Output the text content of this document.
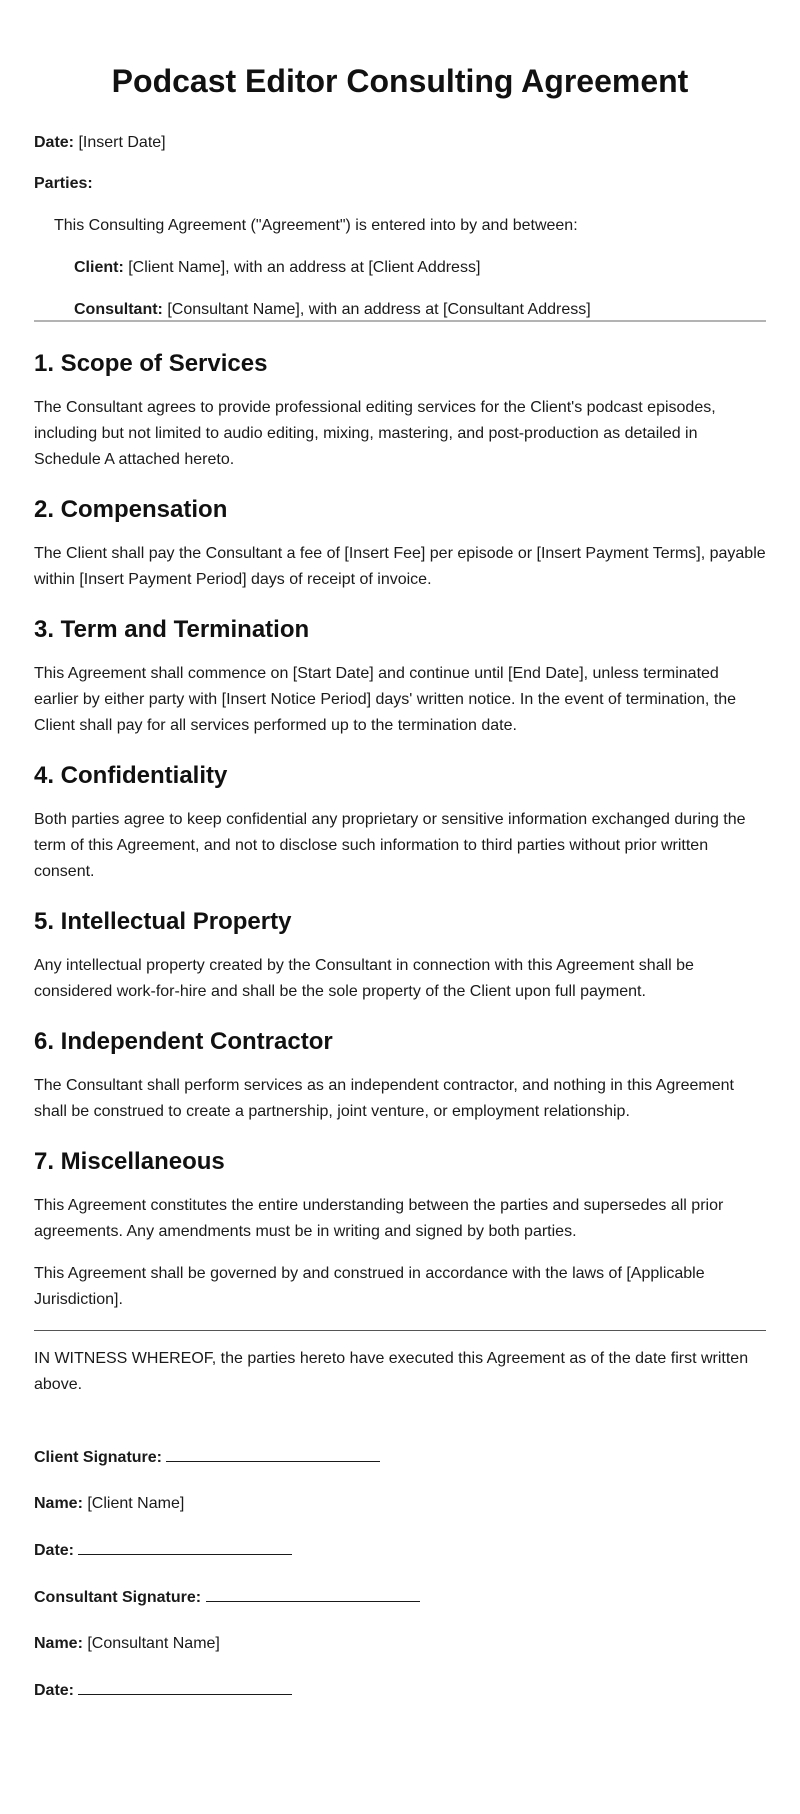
Podcast Editor Consulting Agreement
Date: [Insert Date]
Parties:
This Consulting Agreement ("Agreement") is entered into by and between:
Client: [Client Name], with an address at [Client Address]
Consultant: [Consultant Name], with an address at [Consultant Address]
1. Scope of Services

The Consultant agrees to provide professional editing services for the Client's podcast episodes, including but not limited to audio editing, mixing, mastering, and post-production as detailed in Schedule A attached hereto.

2. Compensation

The Client shall pay the Consultant a fee of [Insert Fee] per episode or [Insert Payment Terms], payable within [Insert Payment Period] days of receipt of invoice.

3. Term and Termination

This Agreement shall commence on [Start Date] and continue until [End Date], unless terminated earlier by either party with [Insert Notice Period] days' written notice. In the event of termination, the Client shall pay for all services performed up to the termination date.

4. Confidentiality

Both parties agree to keep confidential any proprietary or sensitive information exchanged during the term of this Agreement, and not to disclose such information to third parties without prior written consent.

5. Intellectual Property

Any intellectual property created by the Consultant in connection with this Agreement shall be considered work-for-hire and shall be the sole property of the Client upon full payment.

6. Independent Contractor

The Consultant shall perform services as an independent contractor, and nothing in this Agreement shall be construed to create a partnership, joint venture, or employment relationship.

7. Miscellaneous

This Agreement constitutes the entire understanding between the parties and supersedes all prior agreements. Any amendments must be in writing and signed by both parties.

This Agreement shall be governed by and construed in accordance with the laws of [Applicable Jurisdiction].

IN WITNESS WHEREOF, the parties hereto have executed this Agreement as of the date first written above.

Client Signature:
Name: [Client Name]
Date:
Consultant Signature:
Name: [Consultant Name]
Date:
